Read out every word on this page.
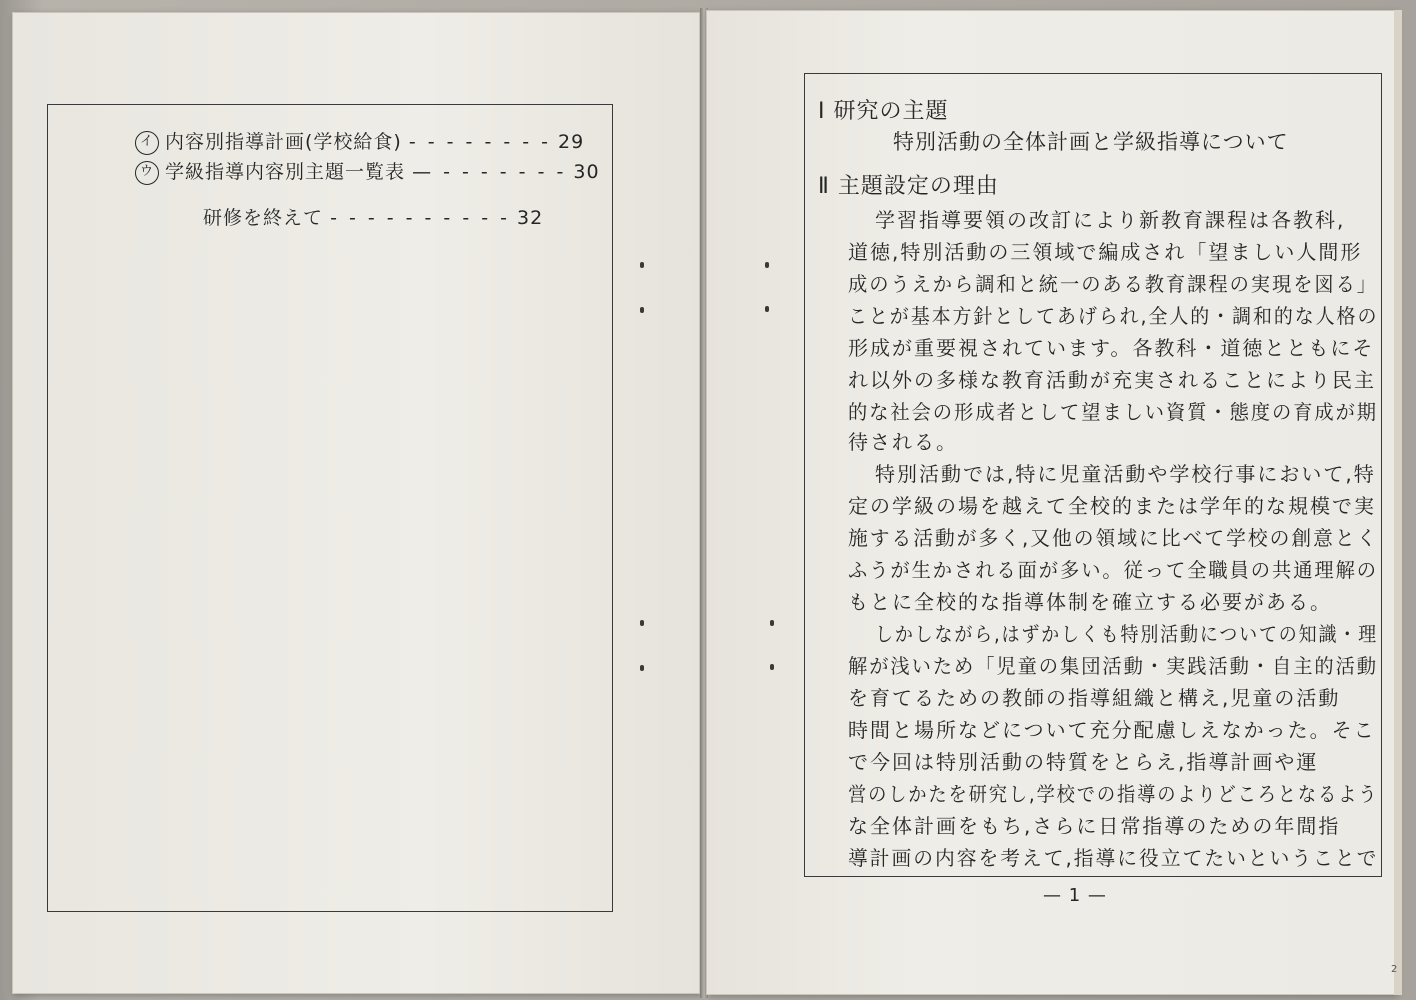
イ 内容別指導計画(学校給食) - - - - - - - - 29
ウ 学級指導内容別主題一覧表 — - - - - - - - 30
研修を終えて - - - - - - - - - - 32
Ⅰ 研究の主題
特別活動の全体計画と学級指導について
Ⅱ 主題設定の理由
学習指導要領の改訂により新教育課程は各教科,
道徳,特別活動の三領域で編成され「望ましい人間形
成のうえから調和と統一のある教育課程の実現を図る」
ことが基本方針としてあげられ,全人的・調和的な人格の
形成が重要視されています。各教科・道徳とともにそ
れ以外の多様な教育活動が充実されることにより民主
的な社会の形成者として望ましい資質・態度の育成が期
待される。
特別活動では,特に児童活動や学校行事において,特
定の学級の場を越えて全校的または学年的な規模で実
施する活動が多く,又他の領域に比べて学校の創意とく
ふうが生かされる面が多い。従って全職員の共通理解の
もとに全校的な指導体制を確立する必要がある。
しかしながら,はずかしくも特別活動についての知識・理
解が浅いため「児童の集団活動・実践活動・自主的活動
を育てるための教師の指導組織と構え,児童の活動
時間と場所などについて充分配慮しえなかった。そこ
で今回は特別活動の特質をとらえ,指導計画や運
営のしかたを研究し,学校での指導のよりどころとなるよう
な全体計画をもち,さらに日常指導のための年間指
導計画の内容を考えて,指導に役立てたいということで
— 1 —
2
